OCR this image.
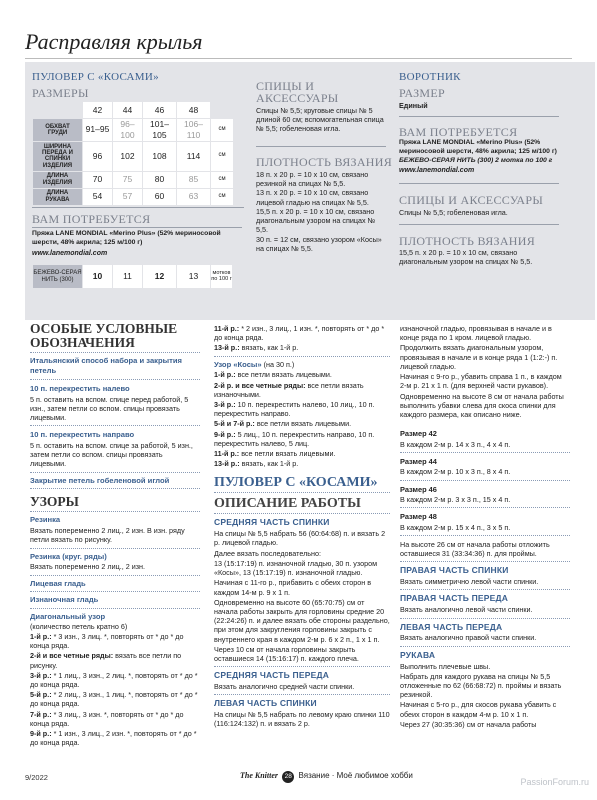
Расправляя крылья
ПУЛОВЕР С «КОСАМИ»
РАЗМЕРЫ
	42	44	46	48	
ОБХВАТ ГРУДИ	91–95	96–100	101–105	106–110	см
ШИРИНА ПЕРЕДА И СПИНКИ ИЗДЕЛИЯ	96	102	108	114	см
ДЛИНА ИЗДЕЛИЯ	70	75	80	85	см
ДЛИНА РУКАВА	54	57	60	63	см
ВАМ ПОТРЕБУЕТСЯ
Пряжа LANE MONDIAL «Merino Plus» (52% мериносовой шерсти, 48% акрила; 125 м/100 г)
www.lanemondial.com
БЕЖЕВО-СЕРАЯ НИТЬ (300)	10	11	12	13	мотков по 100 г
СПИЦЫ И АКСЕССУАРЫ
Спицы № 5,5; круговые спицы № 5 длиной 60 см; вспомогательная спица № 5,5; гобеленовая игла.
ПЛОТНОСТЬ ВЯЗАНИЯ

18 п. х 20 р. = 10 х 10 см, связано резинкой на спицах № 5,5.

13 п. х 20 р. = 10 х 10 см, связано лицевой гладью на спицах № 5,5.

15,5 п. х 20 р. = 10 х 10 см, связано диагональным узором на спицах № 5,5.

30 п. = 12 см, связано узором «Косы» на спицах № 5,5.

ВОРОТНИК
РАЗМЕР
Единый
ВАМ ПОТРЕБУЕТСЯ
Пряжа LANE MONDIAL «Merino Plus» (52% мериносовой шерсти, 48% акрила; 125 м/100 г)
БЕЖЕВО-СЕРАЯ НИТЬ (300) 2 мотка по 100 г
www.lanemondial.com
СПИЦЫ И АКСЕССУАРЫ
Спицы № 5,5; гобеленовая игла.
ПЛОТНОСТЬ ВЯЗАНИЯ
15,5 п. х 20 р. = 10 х 10 см, связано диагональным узором на спицах № 5,5.
ОСОБЫЕ УСЛОВНЫЕ ОБОЗНАЧЕНИЯ

Итальянский способ набора и закрытия петель

10 п. перекрестить налево

5 п. оставить на вспом. спице перед работой, 5 изн., затем петли со вспом. спицы провязать лицевыми.

10 п. перекрестить направо

5 п. оставить на вспом. спице за работой, 5 изн., затем петли со вспом. спицы провязать лицевыми.

Закрытие петель гобеленовой иглой

УЗОРЫ

Резинка

Вязать попеременно 2 лиц., 2 изн. В изн. ряду петли вязать по рисунку.

Резинка (круг. ряды)

Вязать попеременно 2 лиц., 2 изн.

Лицевая гладь

Изнаночная гладь

Диагональный узор

(количество петель кратно 6)

1-й р.: * 3 изн., 3 лиц. *, повторять от * до * до конца ряда.

2-й и все четные ряды: вязать все петли по рисунку.

3-й р.: * 1 лиц., 3 изн., 2 лиц. *, повторять от * до * до конца ряда.

5-й р.: * 2 лиц., 3 изн., 1 лиц. *, повторять от * до * до конца ряда.

7-й р.: * 3 лиц., 3 изн. *, повторять от * до * до конца ряда.

9-й р.: * 1 изн., 3 лиц., 2 изн. *, повторять от * до * до конца ряда.

11-й р.: * 2 изн., 3 лиц., 1 изн. *, повторять от * до * до конца ряда.

13-й р.: вязать, как 1-й р.

Узор «Косы» (на 30 п.)

1-й р.: все петли вязать лицевыми.

2-й р. и все четные ряды: все петли вязать изнаночными.

3-й р.: 10 п. перекрестить налево, 10 лиц., 10 п. перекрестить направо.

5-й и 7-й р.: все петли вязать лицевыми.

9-й р.: 5 лиц., 10 п. перекрестить направо, 10 п. перекрестить налево, 5 лиц.

11-й р.: все петли вязать лицевыми.

13-й р.: вязать, как 1-й р.

ПУЛОВЕР С «КОСАМИ»
ОПИСАНИЕ РАБОТЫ

СРЕДНЯЯ ЧАСТЬ СПИНКИ

На спицы № 5,5 набрать 56 (60:64:68) п. и вязать 2 р. лицевой гладью.

Далее вязать последовательно:

13 (15:17:19) п. изнаночной гладью, 30 п. узором «Косы», 13 (15:17:19) п. изнаночной гладью.

Начиная с 11-го р., прибавить с обеих сторон в каждом 14-м р. 9 х 1 п.

Одновременно на высоте 60 (65:70:75) см от начала работы закрыть для горловины средние 20 (22:24:26) п. и далее вязать обе стороны раздельно, при этом для закругления горловины закрыть с внутреннего края в каждом 2-м р. 6 х 2 п., 1 х 1 п.

Через 10 см от начала горловины закрыть оставшиеся 14 (15:16:17) п. каждого плеча.

СРЕДНЯЯ ЧАСТЬ ПЕРЕДА

Вязать аналогично средней части спинки.

ЛЕВАЯ ЧАСТЬ СПИНКИ

На спицы № 5,5 набрать по левому краю спинки 110 (116:124:132) п. и вязать 2 р.

изнаночной гладью, провязывая в начале и в конце ряда по 1 кром. лицевой гладью.

Продолжить вязать диагональным узором, провязывая в начале и в конце ряда 1 (1:2:-) п. лицевой гладью.

Начиная с 9-го р., убавить справа 1 п., в каждом 2-м р. 21 х 1 п. (для верхней части рукавов).

Одновременно на высоте 8 см от начала работы выполнить убавки слева для скоса спинки для каждого размера, как описано ниже.

Размер 42

В каждом 2-м р. 14 х 3 п., 4 х 4 п.

Размер 44

В каждом 2-м р. 10 х 3 п., 8 х 4 п.

Размер 46

В каждом 2-м р. 3 х 3 п., 15 х 4 п.

Размер 48

В каждом 2-м р. 15 х 4 п., 3 х 5 п.

На высоте 26 см от начала работы отложить оставшиеся 31 (33:34:36) п. для проймы.

ПРАВАЯ ЧАСТЬ СПИНКИ

Вязать симметрично левой части спинки.

ПРАВАЯ ЧАСТЬ ПЕРЕДА

Вязать аналогично левой части спинки.

ЛЕВАЯ ЧАСТЬ ПЕРЕДА

Вязать аналогично правой части спинки.

РУКАВА

Выполнить плечевые швы.

Набрать для каждого рукава на спицы № 5,5 отложенные по 62 (66:68:72) п. проймы и вязать резинкой.

Начиная с 5-го р., для скосов рукава убавить с обеих сторон в каждом 4-м р. 10 х 1 п.

Через 27 (30:35:36) см от начала работы

9/2022	The Knitter 28 Вязание · Моё любимое хобби
PassionForum.ru
